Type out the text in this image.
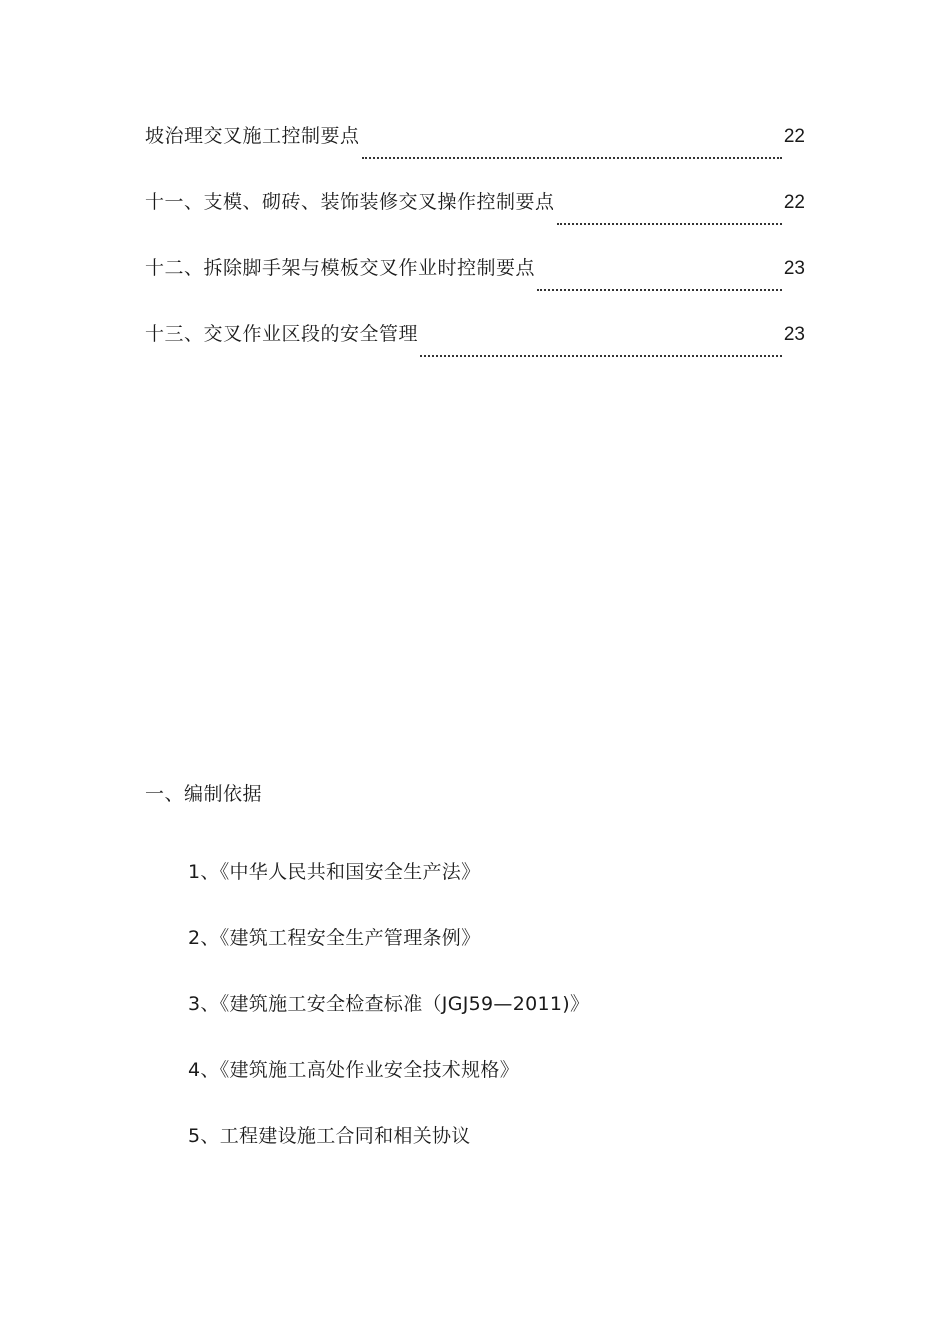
坡治理交叉施工控制要点	22
十一、支模、砌砖、装饰装修交叉操作控制要点	22
十二、拆除脚手架与模板交叉作业时控制要点	23
十三、交叉作业区段的安全管理	23
一、编制依据
1、《中华人民共和国安全生产法》
2、《建筑工程安全生产管理条例》
3、《建筑施工安全检查标准（JGJ59—2011)》
4、《建筑施工高处作业安全技术规格》
5、工程建设施工合同和相关协议
